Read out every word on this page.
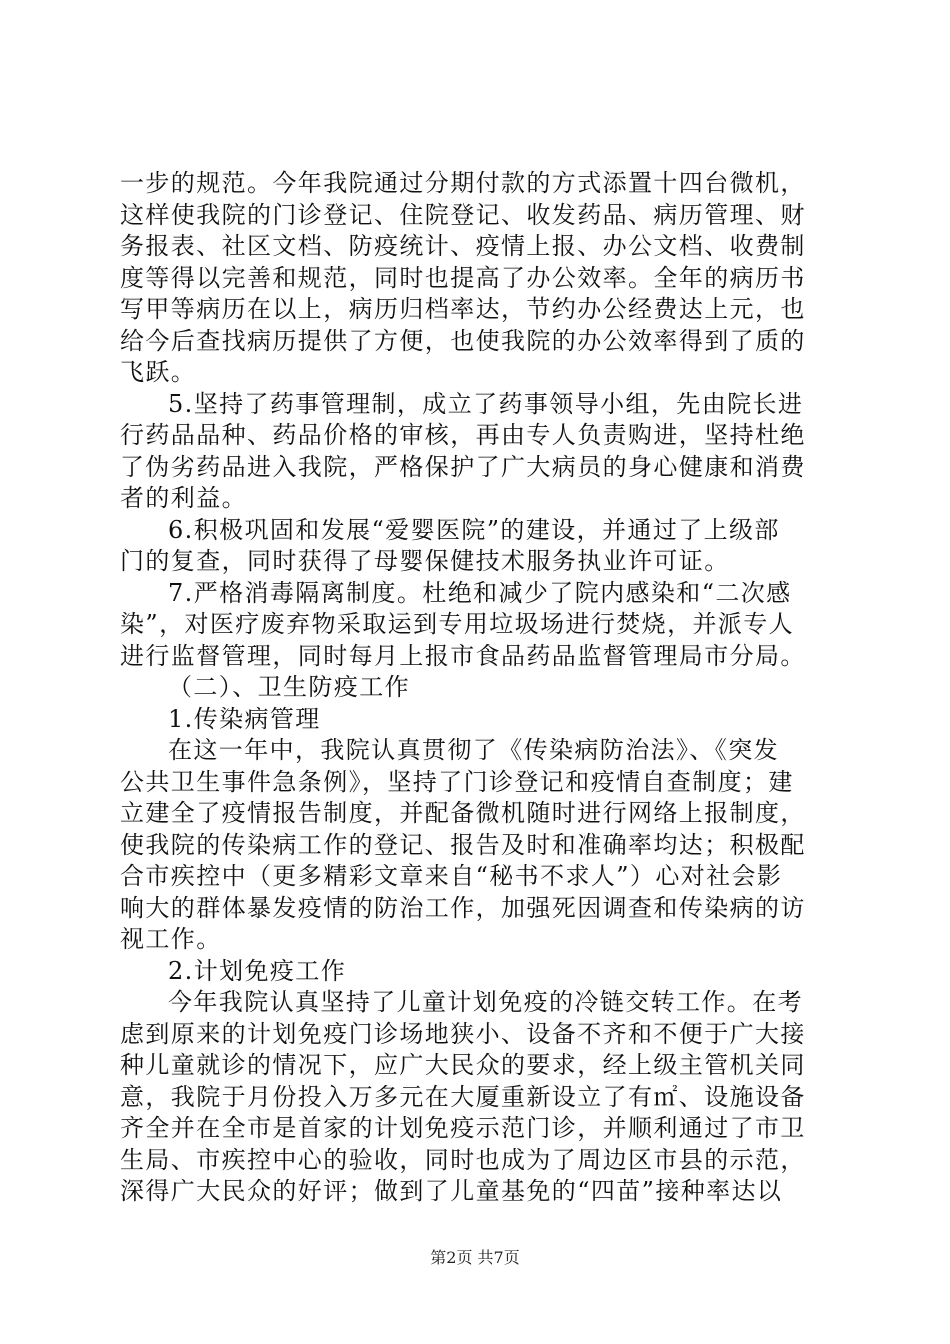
一步的规范。今年我院通过分期付款的方式添置十四台微机，
这样使我院的门诊登记、住院登记、收发药品、病历管理、财
务报表、社区文档、防疫统计、疫情上报、办公文档、收费制
度等得以完善和规范，同时也提高了办公效率。全年的病历书
写甲等病历在以上，病历归档率达，节约办公经费达上元，也
给今后查找病历提供了方便，也使我院的办公效率得到了质的
飞跃。
5.坚持了药事管理制，成立了药事领导小组，先由院长进
行药品品种、药品价格的审核，再由专人负责购进，坚持杜绝
了伪劣药品进入我院，严格保护了广大病员的身心健康和消费
者的利益。
6.积极巩固和发展“爱婴医院”的建设，并通过了上级部
门的复查，同时获得了母婴保健技术服务执业许可证。
7.严格消毒隔离制度。杜绝和减少了院内感染和“二次感
染”，对医疗废弃物采取运到专用垃圾场进行焚烧，并派专人
进行监督管理，同时每月上报市食品药品监督管理局市分局。
（二）、卫生防疫工作
1.传染病管理
在这一年中，我院认真贯彻了《传染病防治法》、《突发
公共卫生事件急条例》，坚持了门诊登记和疫情自查制度；建
立建全了疫情报告制度，并配备微机随时进行网络上报制度，
使我院的传染病工作的登记、报告及时和准确率均达；积极配
合市疾控中（更多精彩文章来自“秘书不求人”）心对社会影
响大的群体暴发疫情的防治工作，加强死因调查和传染病的访
视工作。
2.计划免疫工作
今年我院认真坚持了儿童计划免疫的冷链交转工作。在考
虑到原来的计划免疫门诊场地狭小、设备不齐和不便于广大接
种儿童就诊的情况下，应广大民众的要求，经上级主管机关同
意，我院于月份投入万多元在大厦重新设立了有㎡、设施设备
齐全并在全市是首家的计划免疫示范门诊，并顺利通过了市卫
生局、市疾控中心的验收，同时也成为了周边区市县的示范，
深得广大民众的好评；做到了儿童基免的“四苗”接种率达以
第2页 共7页
